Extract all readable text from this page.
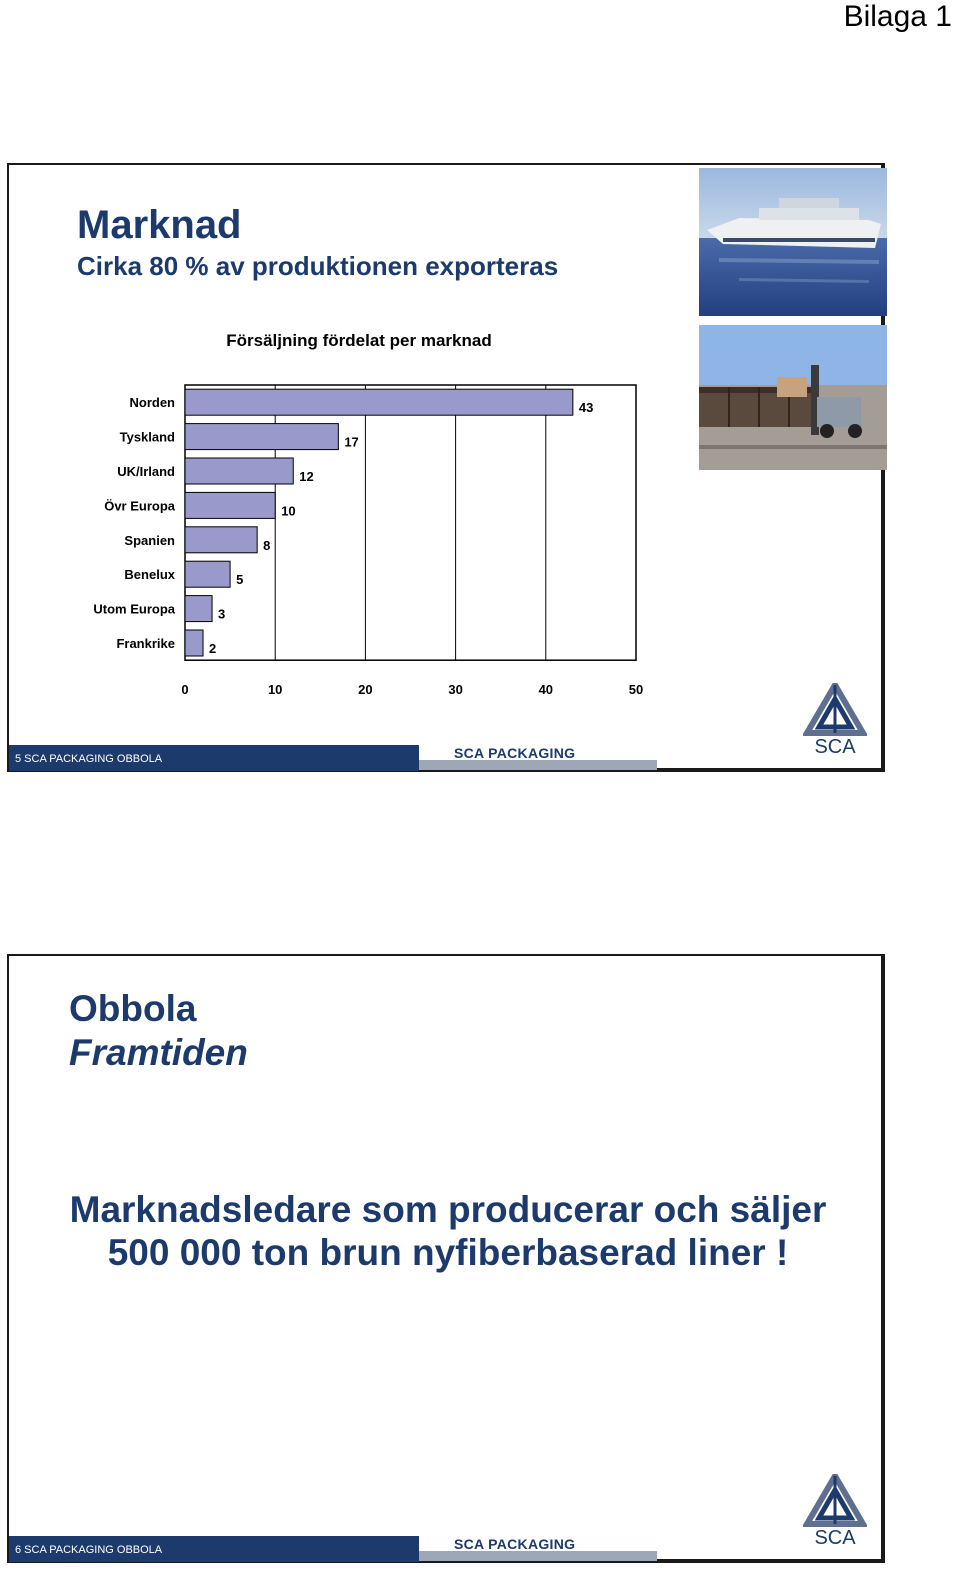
Bilaga 1
Marknad
Cirka 80 % av produktionen exporteras
Försäljning fördelat per marknad
0	10	20	30	40	50
Norden	43
Tyskland	17
UK/Irland	12
Övr Europa	10
Spanien	8
Benelux	5
Utom Europa	3
Frankrike	2
5 SCA PACKAGING OBBOLA	SCA PACKAGING	SCA
Obbola
Framtiden
Marknadsledare som producerar och säljer
500 000 ton brun nyfiberbaserad liner !
6 SCA PACKAGING OBBOLA	SCA PACKAGING	SCA
